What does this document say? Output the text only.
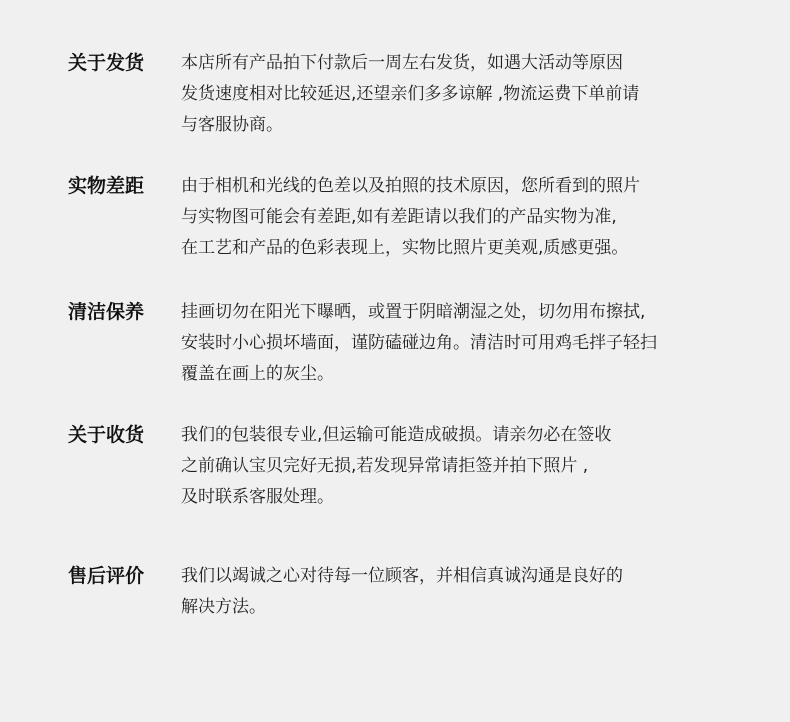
关于发货	本店所有产品拍下付款后一周左右发货，如遇大活动等原因
发货速度相对比较延迟,还望亲们多多谅解 ,物流运费下单前请
与客服协商。
实物差距	由于相机和光线的色差以及拍照的技术原因，您所看到的照片
与实物图可能会有差距,如有差距请以我们的产品实物为准,
在工艺和产品的色彩表现上，实物比照片更美观,质感更强。
清洁保养	挂画切勿在阳光下曝晒，或置于阴暗潮湿之处，切勿用布擦拭,
安装时小心损坏墙面，谨防磕碰边角。清洁时可用鸡毛拌子轻扫
覆盖在画上的灰尘。
关于收货	我们的包装很专业,但运输可能造成破损。请亲勿必在签收
之前确认宝贝完好无损,若发现异常请拒签并拍下照片 ,
及时联系客服处理。
售后评价	我们以竭诚之心对待每一位顾客，并相信真诚沟通是良好的
解决方法。
